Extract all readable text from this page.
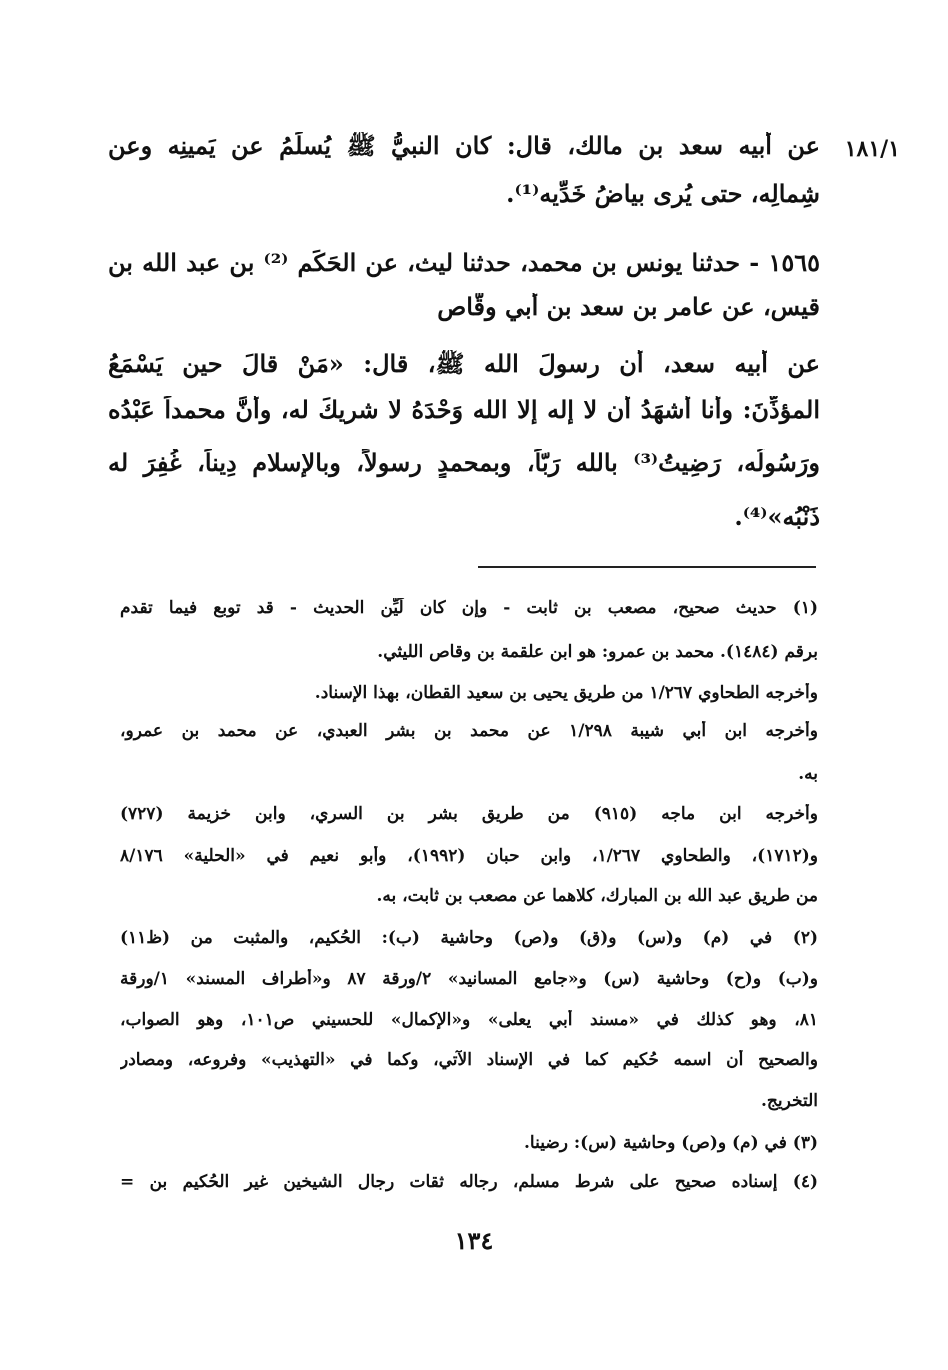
١٨١/١
عن أبيه سعد بن مالك، قال: كان النبيُّ ﷺ يُسلِّمُ عن يَمينِه وعن
شِمالِه، حتى يُرى بياضُ خَدِّيه⁽¹⁾.
١٥٦٥ - حدثنا يونس بن محمد، حدثنا ليث، عن الحَكَمِ ⁽²⁾ بن عبد الله بن
قيس، عن عامر بن سعد بن أبي وقّاص
عن أبيه سعد، أن رسولَ الله ﷺ، قال: «مَنْ قالَ حين يَسْمَعُ
المؤذِّنَ: وأنا أشهَدُ أن لا إله إلا الله وَحْدَهُ لا شريكَ له، وأنَّ محمداً عَبْدُه
ورَسُولُه، رَضِيتُ⁽³⁾ بالله رَبّاً، وبمحمدٍ رسولاً، وبالإسلام دِيناً، غُفِرَ له
ذَنْبُه»⁽⁴⁾.
(١) حديث صحيح، مصعب بن ثابت - وإن كان لَيِّن الحديث - قد توبع فيما تقدم
برقم (١٤٨٤). محمد بن عمرو: هو ابن علقمة بن وقاص الليثي.
وأخرجه الطحاوي ١/٢٦٧ من طريق يحيى بن سعيد القطان، بهذا الإسناد.
وأخرجه ابن أبي شيبة ١/٢٩٨ عن محمد بن بشر العبدي، عن محمد بن عمرو،
به.
وأخرجه ابن ماجه (٩١٥) من طريق بشر بن السري، وابن خزيمة (٧٢٧)
و(١٧١٢)، والطحاوي ١/٢٦٧، وابن حبان (١٩٩٢)، وأبو نعيم في «الحلية» ٨/١٧٦
من طريق عبد الله بن المبارك، كلاهما عن مصعب بن ثابت، به.
(٢) في (م) و(س) و(ق) و(ص) وحاشية (ب): الحُكيم، والمثبت من (ظ١١)
و(ب) و(ح) وحاشية (س) و«جامع المسانيد» ٢/ورقة ٨٧ و«أطراف المسند» ١/ورقة
٨١، وهو كذلك في «مسند أبي يعلى» و«الإكمال» للحسيني ص١٠١، وهو الصواب،
والصحيح أن اسمه حُكيم كما في الإسناد الآتي، وكما في «التهذيب» وفروعه، ومصادر
التخريج.
(٣) في (م) و(ص) وحاشية (س): رضينا.
(٤) إسناده صحيح على شرط مسلم، رجاله ثقات رجال الشيخين غير الحُكيم بن =
١٣٤
